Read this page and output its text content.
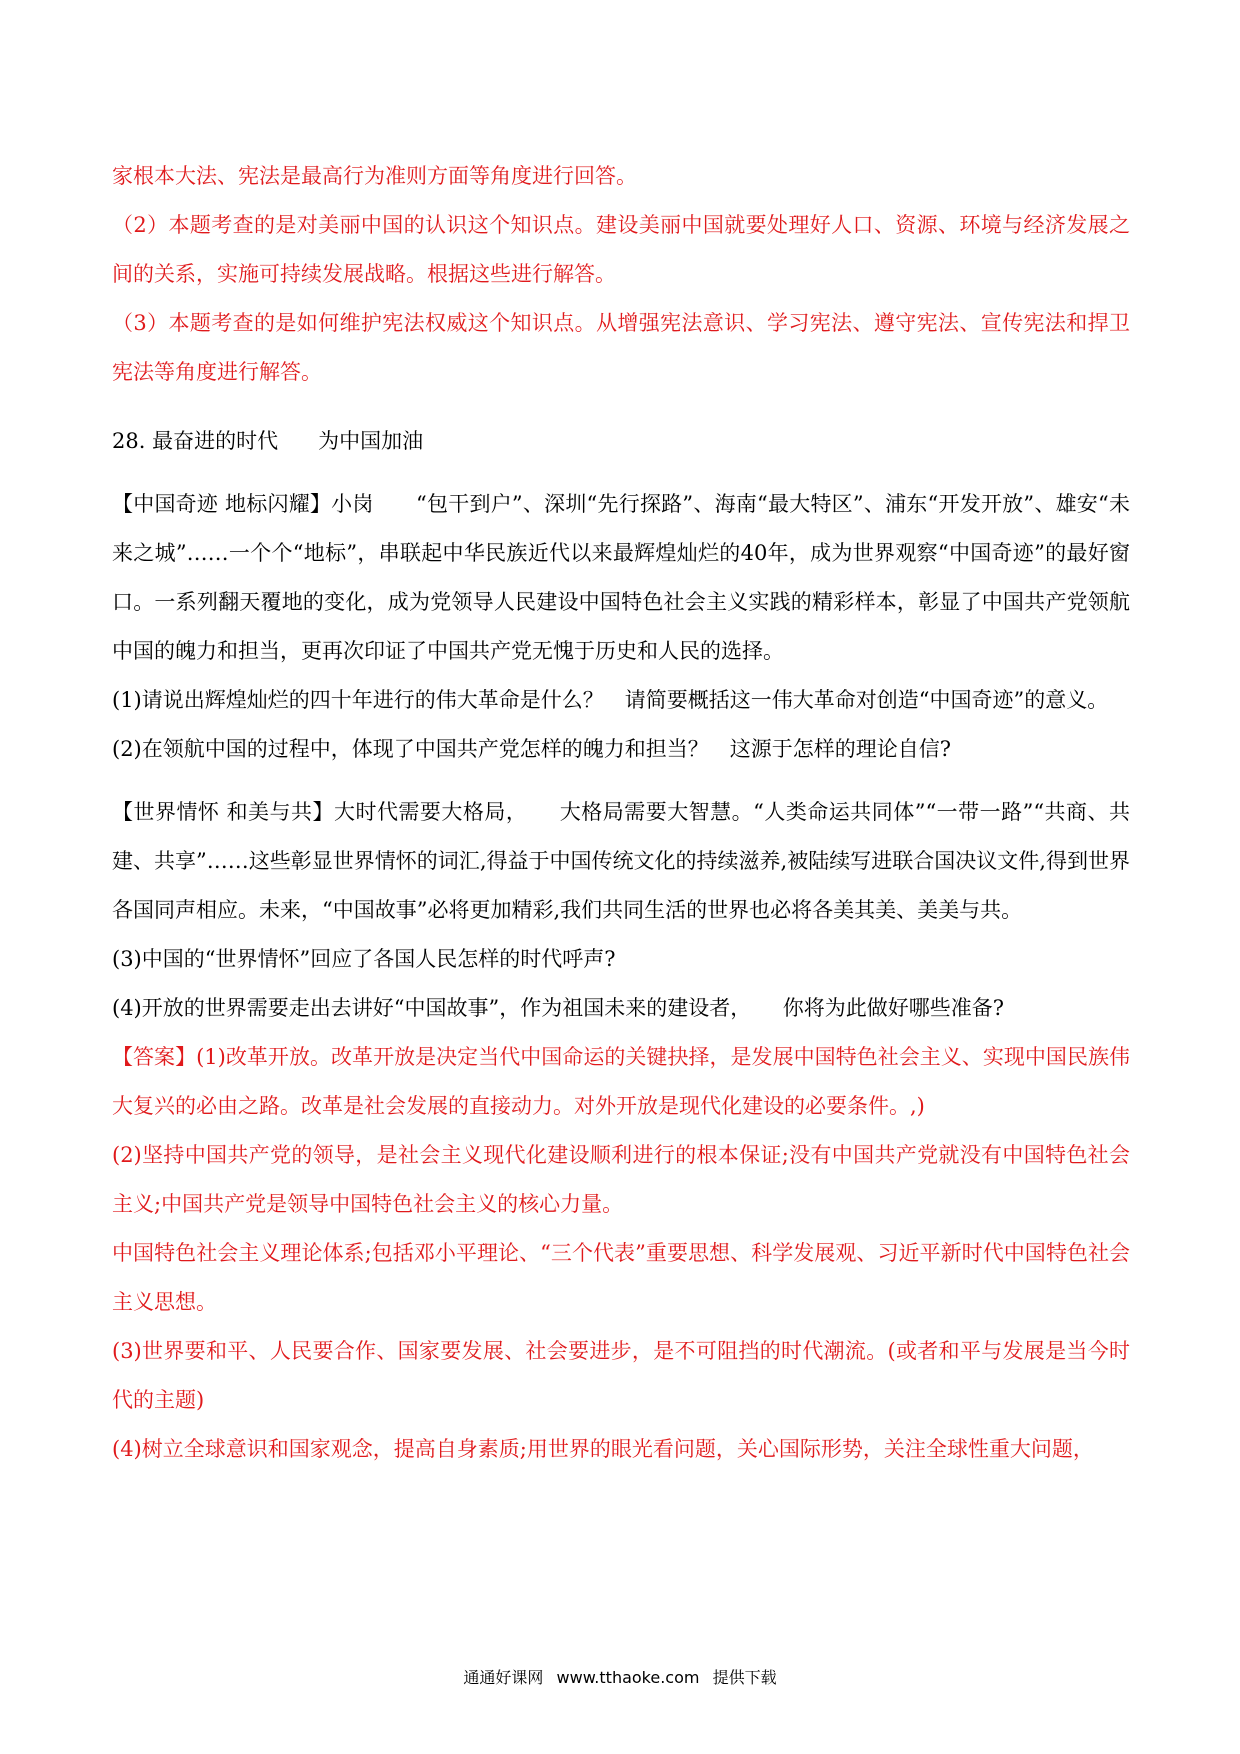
家根本大法、宪法是最高行为准则方面等角度进行回答。

（2）本题考查的是对美丽中国的认识这个知识点。建设美丽中国就要处理好人口、资源、环境与经济发展之间的关系，实施可持续发展战略。根据这些进行解答。

（3）本题考查的是如何维护宪法权威这个知识点。从增强宪法意识、学习宪法、遵守宪法、宣传宪法和捍卫宪法等角度进行解答。

28. 最奋进的时代 为中国加油

【中国奇迹 地标闪耀】小岗　　“包干到户”、深圳“先行探路”、海南“最大特区”、浦东“开发开放”、雄安“未来之城”……一个个“地标”，串联起中华民族近代以来最辉煌灿烂的40年，成为世界观察“中国奇迹”的最好窗口。一系列翻天覆地的变化，成为党领导人民建设中国特色社会主义实践的精彩样本，彰显了中国共产党领航中国的魄力和担当，更再次印证了中国共产党无愧于历史和人民的选择。

(1)请说出辉煌灿烂的四十年进行的伟大革命是什么？　请简要概括这一伟大革命对创造“中国奇迹”的意义。

(2)在领航中国的过程中，体现了中国共产党怎样的魄力和担当？　这源于怎样的理论自信?

【世界情怀 和美与共】大时代需要大格局，　　大格局需要大智慧。“人类命运共同体”“一带一路”“共商、共建、共享”……这些彰显世界情怀的词汇,得益于中国传统文化的持续滋养,被陆续写进联合国决议文件,得到世界各国同声相应。未来，“中国故事”必将更加精彩,我们共同生活的世界也必将各美其美、美美与共。

(3)中国的“世界情怀”回应了各国人民怎样的时代呼声?

(4)开放的世界需要走出去讲好“中国故事”，作为祖国未来的建设者，　　你将为此做好哪些准备?

【答案】(1)改革开放。改革开放是决定当代中国命运的关键抉择，是发展中国特色社会主义、实现中国民族伟大复兴的必由之路。改革是社会发展的直接动力。对外开放是现代化建设的必要条件。,)

(2)坚持中国共产党的领导，是社会主义现代化建设顺利进行的根本保证;没有中国共产党就没有中国特色社会主义;中国共产党是领导中国特色社会主义的核心力量。

中国特色社会主义理论体系;包括邓小平理论、“三个代表”重要思想、科学发展观、习近平新时代中国特色社会主义思想。

(3)世界要和平、人民要合作、国家要发展、社会要进步，是不可阻挡的时代潮流。(或者和平与发展是当今时代的主题)

(4)树立全球意识和国家观念，提高自身素质;用世界的眼光看问题，关心国际形势，关注全球性重大问题，

通通好课网 www.tthaoke.com 提供下载
